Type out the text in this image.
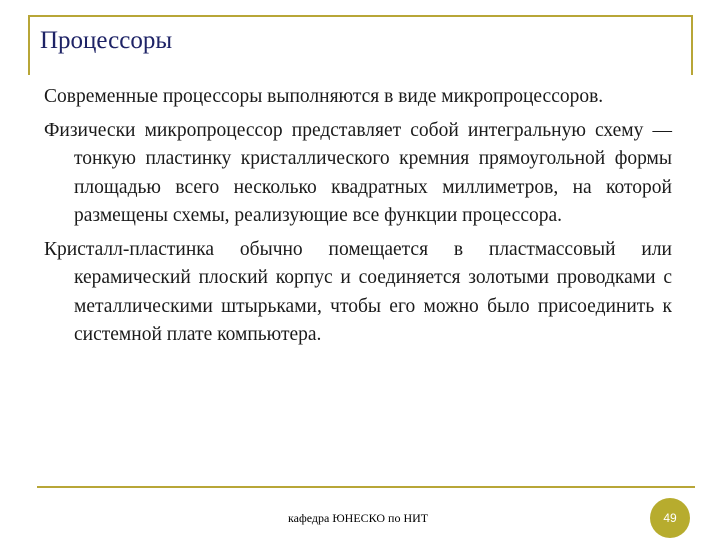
Процессоры

Современные процессоры выполняются в виде микропроцессоров.

Физически микропроцессор представляет собой интегральную схему — тонкую пластинку кристаллического кремния прямоугольной формы площадью всего несколько квадратных миллиметров, на которой размещены схемы, реализующие все функции процессора.

Кристалл-пластинка обычно помещается в пластмассовый или керамический плоский корпус и соединяется золотыми проводками с металлическими штырьками, чтобы его можно было присоединить к системной плате компьютера.

кафедра ЮНЕСКО по НИТ	49
